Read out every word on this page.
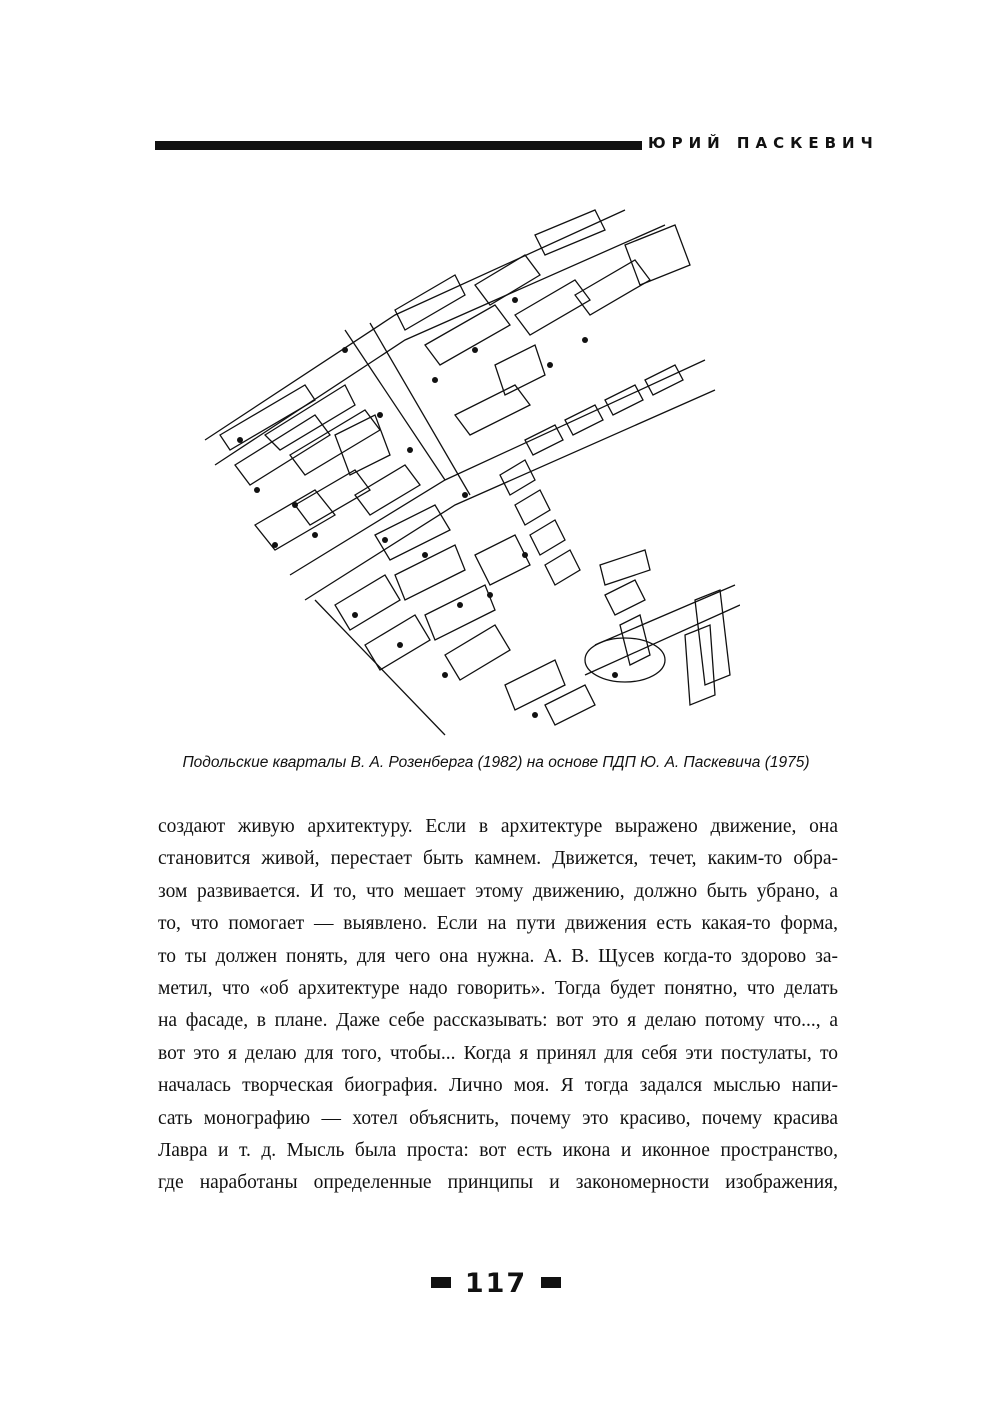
ЮРИЙ ПАСКЕВИЧ
Подольские кварталы В. А. Розенберга (1982) на основе ПДП Ю. А. Паскевича (1975)
создают живую архитектуру. Если в архитектуре выражено движение, она
становится живой, перестает быть камнем. Движется, течет, каким-то обра-
зом развивается. И то, что мешает этому движению, должно быть убрано, а
то, что помогает — выявлено. Если на пути движения есть какая-то форма,
то ты должен понять, для чего она нужна. А. В. Щусев когда-то здорово за-
метил, что «об архитектуре надо говорить». Тогда будет понятно, что делать
на фасаде, в плане. Даже себе рассказывать: вот это я делаю потому что..., а
вот это я делаю для того, чтобы... Когда я принял для себя эти постулаты, то
началась творческая биография. Лично моя. Я тогда задался мыслью напи-
сать монографию — хотел объяснить, почему это красиво, почему красива
Лавра и т. д. Мысль была проста: вот есть икона и иконное пространство,
где наработаны определенные принципы и закономерности изображения,
117
